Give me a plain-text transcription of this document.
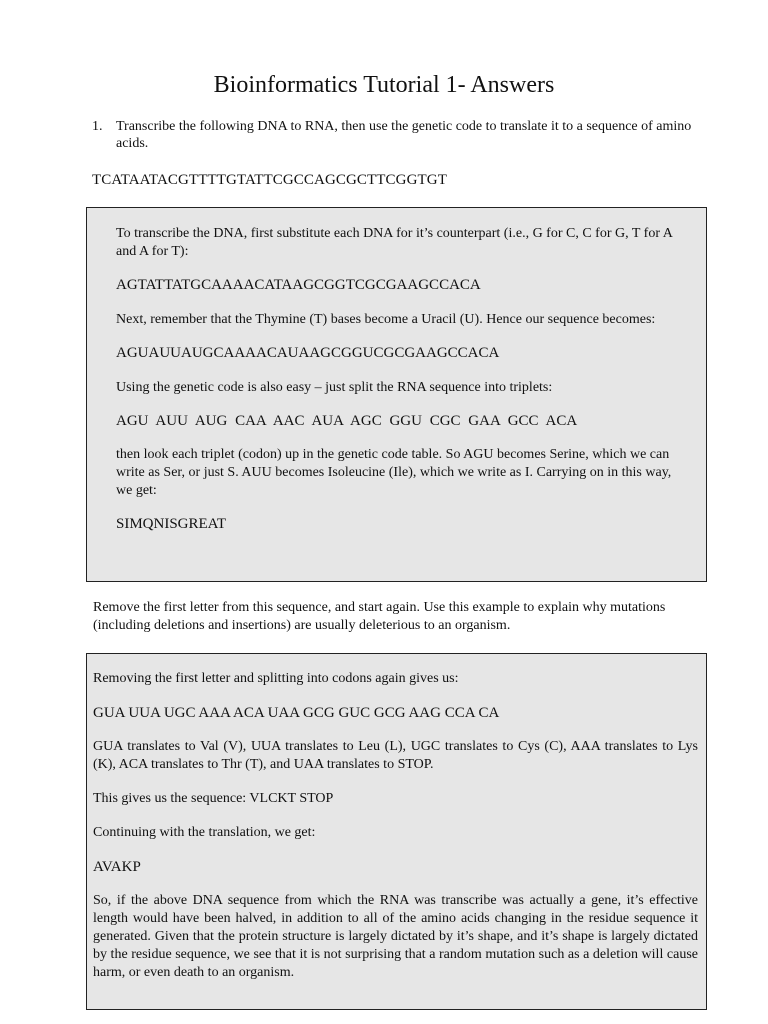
Bioinformatics Tutorial 1- Answers
1. Transcribe the following DNA to RNA, then use the genetic code to translate it to a sequence of amino acids.
TCATAATACGTTTTGTATTCGCCAGCGCTTCGGTGT

To transcribe the DNA, first substitute each DNA for it’s counterpart (i.e., G for C, C for G, T for A and A for T):

AGTATTATGCAAAACATAAGCGGTCGCGAAGCCACA

Next, remember that the Thymine (T) bases become a Uracil (U). Hence our sequence becomes:

AGUAUUAUGCAAAACAUAAGCGGUCGCGAAGCCACA

Using the genetic code is also easy – just split the RNA sequence into triplets:

AGU AUU AUG CAA AAC AUA AGC GGU CGC GAA GCC ACA

then look each triplet (codon) up in the genetic code table. So AGU becomes Serine, which we can write as Ser, or just S. AUU becomes Isoleucine (Ile), which we write as I. Carrying on in this way, we get:

SIMQNISGREAT

Remove the first letter from this sequence, and start again. Use this example to explain why mutations (including deletions and insertions) are usually deleterious to an organism.

Removing the first letter and splitting into codons again gives us:

GUA UUA UGC AAA ACA UAA GCG GUC GCG AAG CCA CA

GUA translates to Val (V), UUA translates to Leu (L), UGC translates to Cys (C), AAA translates to Lys (K), ACA translates to Thr (T), and UAA translates to STOP.

This gives us the sequence: VLCKT STOP

Continuing with the translation, we get:

AVAKP

So, if the above DNA sequence from which the RNA was transcribe was actually a gene, it’s effective length would have been halved, in addition to all of the amino acids changing in the residue sequence it generated. Given that the protein structure is largely dictated by it’s shape, and it’s shape is largely dictated by the residue sequence, we see that it is not surprising that a random mutation such as a deletion will cause harm, or even death to an organism.
